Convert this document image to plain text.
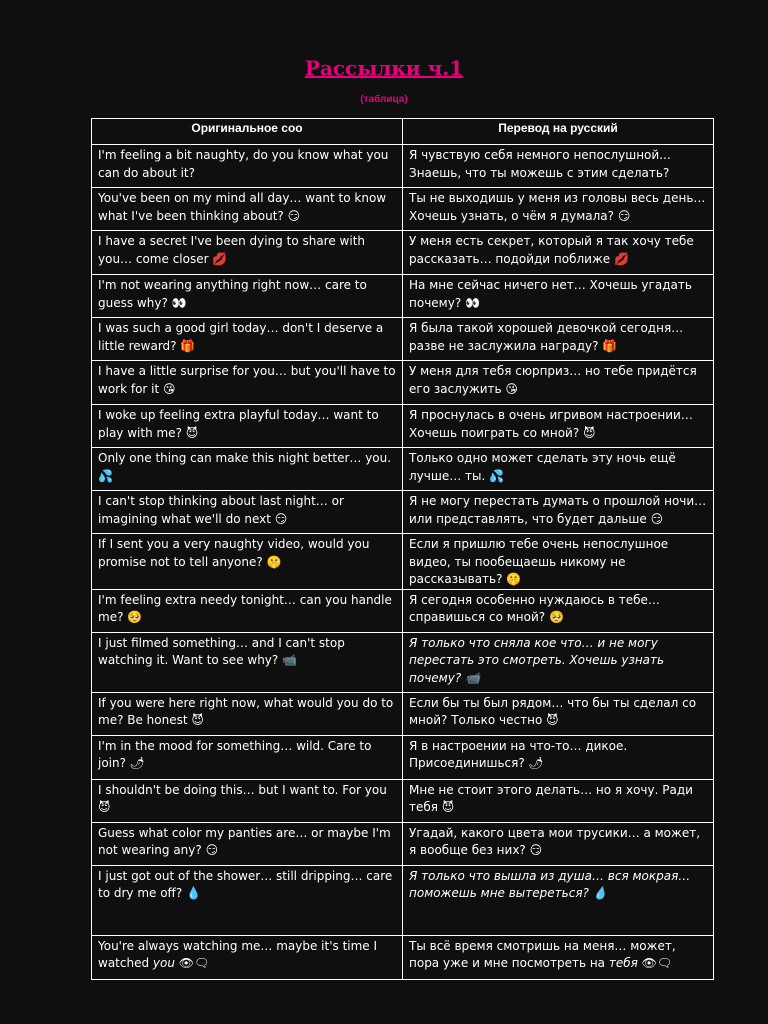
Рассылки ч.1
(таблица)
Оригинальное соо	Перевод на русский
I'm feeling a bit naughty, do you know what you can do about it?	Я чувствую себя немного непослушной... Знаешь, что ты можешь с этим сделать?
You've been on my mind all day… want to know what I've been thinking about? 😏	Ты не выходишь у меня из головы весь день… Хочешь узнать, о чём я думала? 😏
I have a secret I've been dying to share with you… come closer 💋	У меня есть секрет, который я так хочу тебе рассказать… подойди поближе 💋
I'm not wearing anything right now… care to guess why? 👀	На мне сейчас ничего нет… Хочешь угадать почему? 👀
I was such a good girl today… don't I deserve a little reward? 🎁	Я была такой хорошей девочкой сегодня… разве не заслужила награду? 🎁
I have a little surprise for you… but you'll have to work for it 😘	У меня для тебя сюрприз… но тебе придётся его заслужить 😘
I woke up feeling extra playful today… want to play with me? 😈	Я проснулась в очень игривом настроении… Хочешь поиграть со мной? 😈
Only one thing can make this night better… you. 💦	Только одно может сделать эту ночь ещё лучше… ты. 💦
I can't stop thinking about last night… or imagining what we'll do next 😏	Я не могу перестать думать о прошлой ночи… или представлять, что будет дальше 😏
If I sent you a very naughty video, would you promise not to tell anyone? 🤫	Если я пришлю тебе очень непослушное видео, ты пообещаешь никому не рассказывать? 🤫
I'm feeling extra needy tonight… can you handle me? 🥺	Я сегодня особенно нуждаюсь в тебе… справишься со мной? 🥺
I just filmed something… and I can't stop watching it. Want to see why? 📹	Я только что сняла кое что… и не могу перестать это смотреть. Хочешь узнать почему? 📹
If you were here right now, what would you do to me? Be honest 😈	Если бы ты был рядом… что бы ты сделал со мной? Только честно 😈
I'm in the mood for something… wild. Care to join? 🌶	Я в настроении на что-то… дикое. Присоединишься? 🌶
I shouldn't be doing this… but I want to. For you 😈	Мне не стоит этого делать… но я хочу. Ради тебя 😈
Guess what color my panties are… or maybe I'm not wearing any? 😏	Угадай, какого цвета мои трусики… а может, я вообще без них? 😏
I just got out of the shower… still dripping… care to dry me off? 💧	Я только что вышла из душа… вся мокрая… поможешь мне вытереться? 💧
You're always watching me… maybe it's time I watched you 👁🗨	Ты всё время смотришь на меня… может, пора уже и мне посмотреть на тебя 👁🗨
